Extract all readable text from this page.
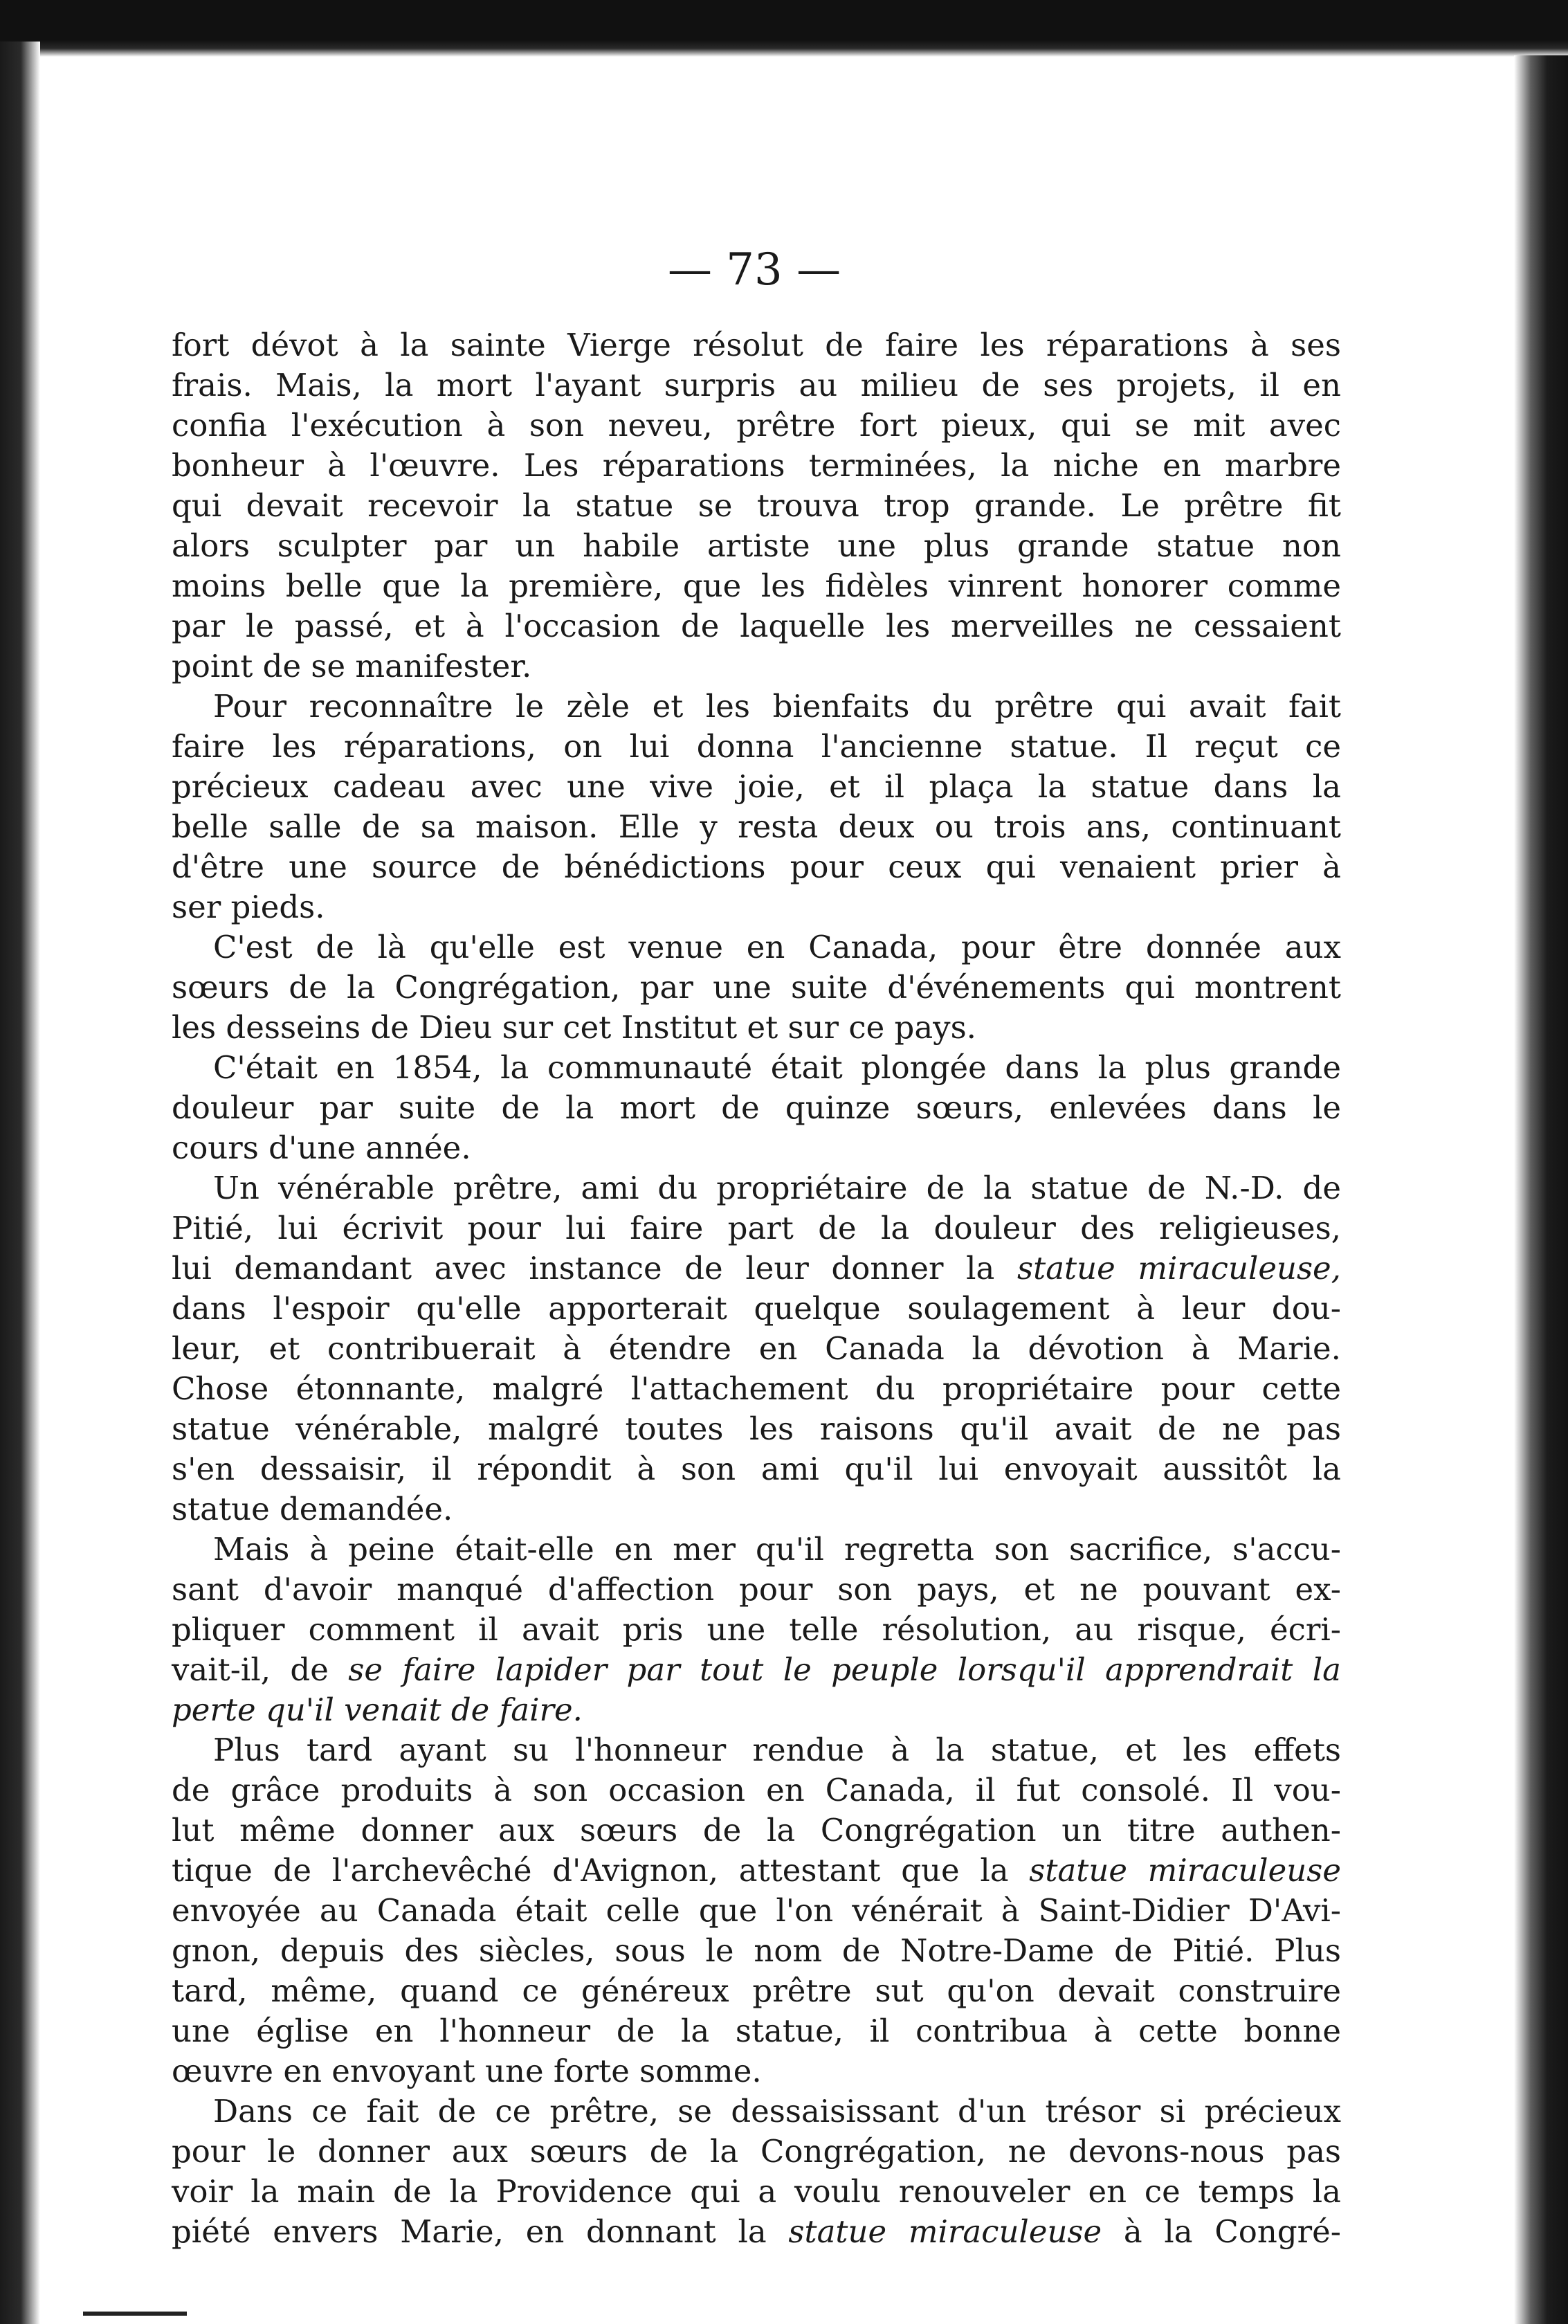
— 73 —
fort dévot à la sainte Vierge résolut de faire les réparations à ses
frais. Mais, la mort l'ayant surpris au milieu de ses projets, il en
confia l'exécution à son neveu, prêtre fort pieux, qui se mit avec
bonheur à l'œuvre. Les réparations terminées, la niche en marbre
qui devait recevoir la statue se trouva trop grande. Le prêtre fit
alors sculpter par un habile artiste une plus grande statue non
moins belle que la première, que les fidèles vinrent honorer comme
par le passé, et à l'occasion de laquelle les merveilles ne cessaient
point de se manifester.
Pour reconnaître le zèle et les bienfaits du prêtre qui avait fait
faire les réparations, on lui donna l'ancienne statue. Il reçut ce
précieux cadeau avec une vive joie, et il plaça la statue dans la
belle salle de sa maison. Elle y resta deux ou trois ans, continuant
d'être une source de bénédictions pour ceux qui venaient prier à
ser pieds.
C'est de là qu'elle est venue en Canada, pour être donnée aux
sœurs de la Congrégation, par une suite d'événements qui montrent
les desseins de Dieu sur cet Institut et sur ce pays.
C'était en 1854, la communauté était plongée dans la plus grande
douleur par suite de la mort de quinze sœurs, enlevées dans le
cours d'une année.
Un vénérable prêtre, ami du propriétaire de la statue de N.-D. de
Pitié, lui écrivit pour lui faire part de la douleur des religieuses,
lui demandant avec instance de leur donner la statue miraculeuse,
dans l'espoir qu'elle apporterait quelque soulagement à leur dou-
leur, et contribuerait à étendre en Canada la dévotion à Marie.
Chose étonnante, malgré l'attachement du propriétaire pour cette
statue vénérable, malgré toutes les raisons qu'il avait de ne pas
s'en dessaisir, il répondit à son ami qu'il lui envoyait aussitôt la
statue demandée.
Mais à peine était-elle en mer qu'il regretta son sacrifice, s'accu-
sant d'avoir manqué d'affection pour son pays, et ne pouvant ex-
pliquer comment il avait pris une telle résolution, au risque, écri-
vait-il, de se faire lapider par tout le peuple lorsqu'il apprendrait la
perte qu'il venait de faire.
Plus tard ayant su l'honneur rendue à la statue, et les effets
de grâce produits à son occasion en Canada, il fut consolé. Il vou-
lut même donner aux sœurs de la Congrégation un titre authen-
tique de l'archevêché d'Avignon, attestant que la statue miraculeuse
envoyée au Canada était celle que l'on vénérait à Saint-Didier D'Avi-
gnon, depuis des siècles, sous le nom de Notre-Dame de Pitié. Plus
tard, même, quand ce généreux prêtre sut qu'on devait construire
une église en l'honneur de la statue, il contribua à cette bonne
œuvre en envoyant une forte somme.
Dans ce fait de ce prêtre, se dessaisissant d'un trésor si précieux
pour le donner aux sœurs de la Congrégation, ne devons-nous pas
voir la main de la Providence qui a voulu renouveler en ce temps la
piété envers Marie, en donnant la statue miraculeuse à la Congré-
